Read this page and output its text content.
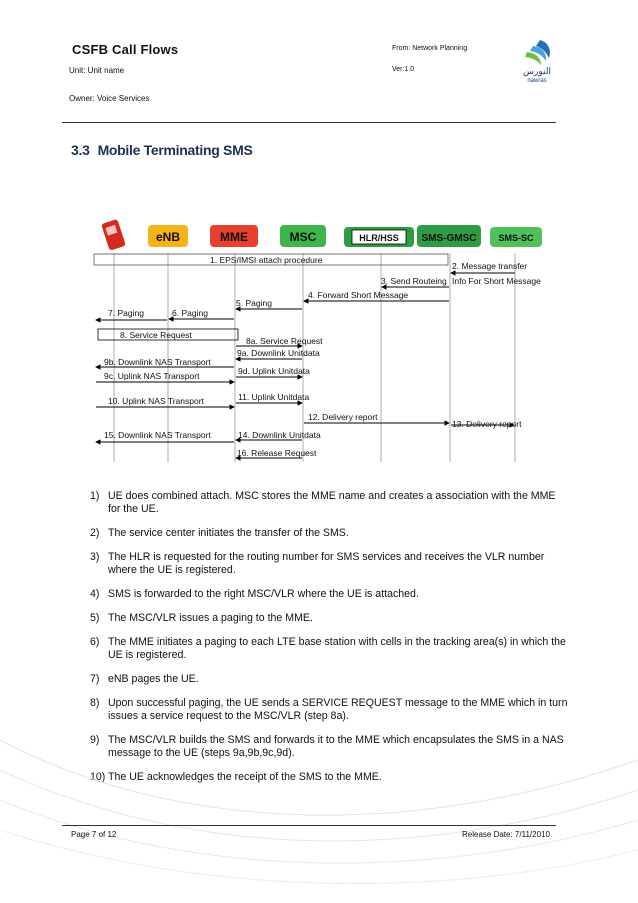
CSFB Call Flows
Unit: Unit name
Owner: Voice Services
From: Network Planning
Ver:1.0	النورس
nawras
3.3 Mobile Terminating SMS
eNB	MME	MSC	HLR/HSS SMS-GMSC SMS-SC
1. EPS/IMSI attach procedure
2. Message transfer
3. Send Routeing Info For Short Message
4. Forward Short Message
5. Paging
6. Paging
7. Paging
8. Service Request
8a. Service Request
9a. Downlink Unitdata
9b. Downlink NAS Transport
9c. Uplink NAS Transport	9d. Uplink Unitdata
10. Uplink NAS Transport	11. Uplink Unitdata
12. Delivery report
13. Delivery report
14. Downlink Unitdata
15. Downlink NAS Transport
16. Release Request
1) UE does combined attach. MSC stores the MME name and creates a association with the MME for the UE.
2) The service center initiates the transfer of the SMS.
3) The HLR is requested for the routing number for SMS services and receives the VLR number where the UE is registered.
4) SMS is forwarded to the right MSC/VLR where the UE is attached.
5) The MSC/VLR issues a paging to the MME.
6) The MME initiates a paging to each LTE base station with cells in the tracking area(s) in which the UE is registered.
7) eNB pages the UE.
8) Upon successful paging, the UE sends a SERVICE REQUEST message to the MME which in turn issues a service request to the MSC/VLR (step 8a).
9) The MSC/VLR builds the SMS and forwards it to the MME which encapsulates the SMS in a NAS message to the UE (steps 9a,9b,9c,9d).
10) The UE acknowledges the receipt of the SMS to the MME.
Page 7 of 12	Release Date: 7/11/2010
